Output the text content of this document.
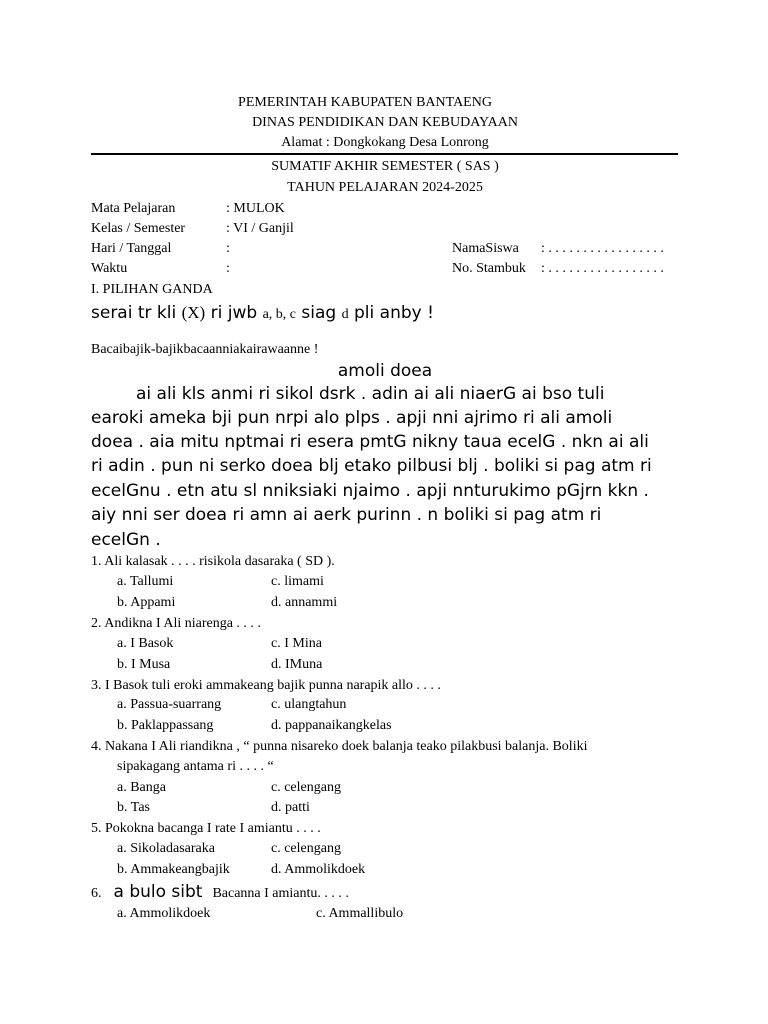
PEMERINTAH KABUPATEN BANTAENG
DINAS PENDIDIKAN DAN KEBUDAYAAN
Alamat : Dongkokang Desa Lonrong
SUMATIF AKHIR SEMESTER ( SAS )
TAHUN PELAJARAN 2024-2025
Mata Pelajaran	: MULOK
Kelas / Semester	: VI / Ganjil
Hari / Tanggal	:	NamaSiswa : . . . . . . . . . . . . . . . . .
Waktu	:	No. Stambuk : . . . . . . . . . . . . . . . . .
I. PILIHAN GANDA
serai tr kli (X) ri jwb a, b, c siag d pli anby !
Bacaibajik-bajikbacaanniakairawaanne !
amoli doea
ai ali kls anmi ri sikol dsrk . adin ai ali niaerG ai bso tuli
earoki ameka bji pun nrpi alo plps . apji nni ajrimo ri ali amoli
doea . aia mitu nptmai ri esera pmtG nikny taua ecelG . nkn ai ali
ri adin . pun ni serko doea blj etako pilbusi blj . boliki si pag atm ri
ecelGnu . etn atu sl nniksiaki njaimo . apji nnturukimo pGjrn kkn .
aiy nni ser doea ri amn ai aerk purinn . n boliki si pag atm ri
ecelGn .
1. Ali kalasak . . . . risikola dasaraka ( SD ).
a. Tallumi	c. limami
b. Appami	d. annammi
2. Andikna I Ali niarenga . . . .
a. I Basok	c. I Mina
b. I Musa	d. IMuna
3. I Basok tuli eroki ammakeang bajik punna narapik allo . . . .
a. Passua-suarrang	c. ulangtahun
b. Paklappassang	d. pappanaikangkelas
4. Nakana I Ali riandikna , “ punna nisareko doek balanja teako pilakbusi balanja. Boliki
sipakagang antama ri . . . . “
a. Banga	c. celengang
b. Tas	d. patti
5. Pokokna bacanga I rate I amiantu . . . .
a. Sikoladasaraka	c. celengang
b. Ammakeangbajik	d. Ammolikdoek
6. a bulo sibt Bacanna I amiantu. . . . .
a. Ammolikdoek	c. Ammallibulo
